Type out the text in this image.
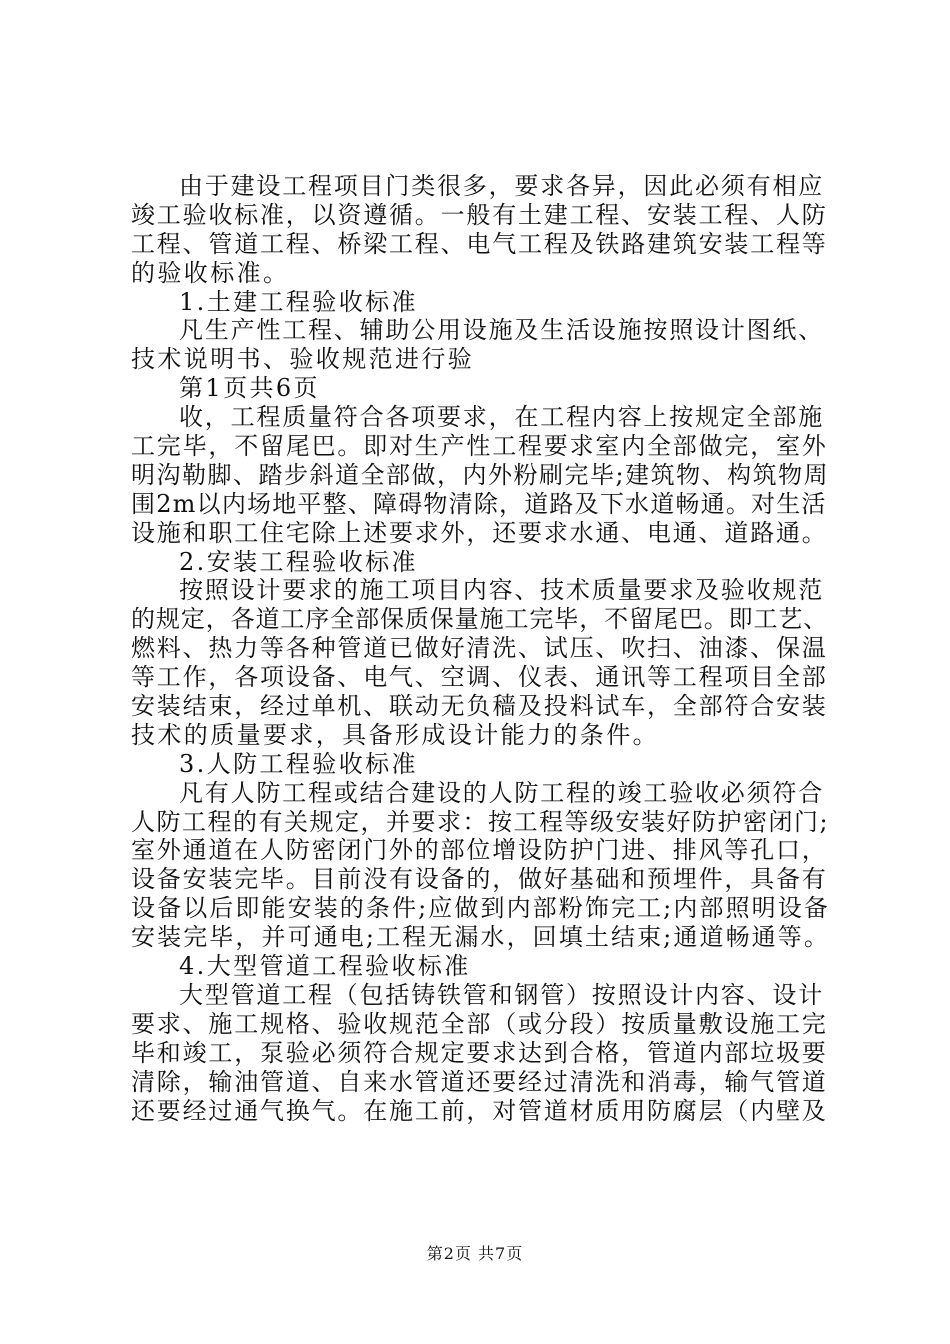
由于建设工程项目门类很多，要求各异，因此必须有相应
竣工验收标准，以资遵循。一般有土建工程、安装工程、人防
工程、管道工程、桥梁工程、电气工程及铁路建筑安装工程等
的验收标准。
1.土建工程验收标准
凡生产性工程、辅助公用设施及生活设施按照设计图纸、
技术说明书、验收规范进行验
第1页共6页
收，工程质量符合各项要求，在工程内容上按规定全部施
工完毕，不留尾巴。即对生产性工程要求室内全部做完，室外
明沟勒脚、踏步斜道全部做，内外粉刷完毕;建筑物、构筑物周
围2m以内场地平整、障碍物清除，道路及下水道畅通。对生活
设施和职工住宅除上述要求外，还要求水通、电通、道路通。
2.安装工程验收标准
按照设计要求的施工项目内容、技术质量要求及验收规范
的规定，各道工序全部保质保量施工完毕，不留尾巴。即工艺、
燃料、热力等各种管道已做好清洗、试压、吹扫、油漆、保温
等工作，各项设备、电气、空调、仪表、通讯等工程项目全部
安装结束，经过单机、联动无负穑及投料试车，全部符合安装
技术的质量要求，具备形成设计能力的条件。
3.人防工程验收标准
凡有人防工程或结合建设的人防工程的竣工验收必须符合
人防工程的有关规定，并要求：按工程等级安装好防护密闭门;
室外通道在人防密闭门外的部位增设防护门进、排风等孔口，
设备安装完毕。目前没有设备的，做好基础和预埋件，具备有
设备以后即能安装的条件;应做到内部粉饰完工;内部照明设备
安装完毕，并可通电;工程无漏水，回填土结束;通道畅通等。
4.大型管道工程验收标准
大型管道工程（包括铸铁管和钢管）按照设计内容、设计
要求、施工规格、验收规范全部（或分段）按质量敷设施工完
毕和竣工，泵验必须符合规定要求达到合格，管道内部垃圾要
清除，输油管道、自来水管道还要经过清洗和消毒，输气管道
还要经过通气换气。在施工前，对管道材质用防腐层（内壁及
第2页 共7页
